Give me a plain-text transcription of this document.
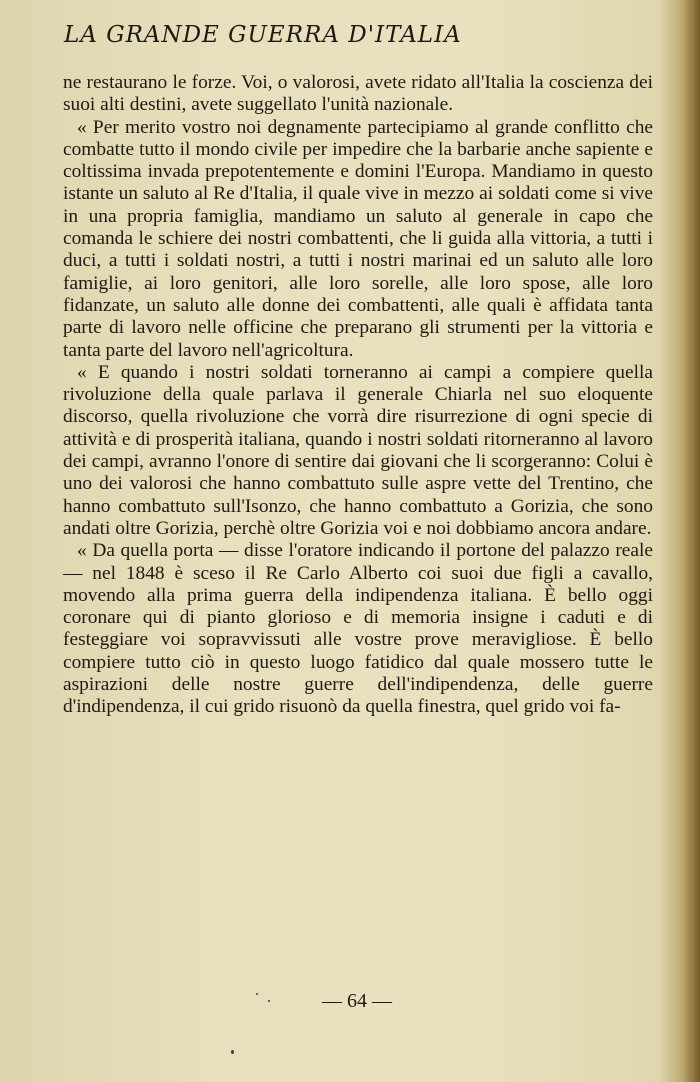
LA GRANDE GUERRA D'ITALIA

ne restaurano le forze. Voi, o valorosi, avete ridato all'Italia la coscienza dei suoi alti destini, avete suggellato l'unità nazionale.

« Per merito vostro noi degnamente partecipiamo al grande conflitto che combatte tutto il mondo civile per impedire che la barbarie anche sapiente e coltissima invada prepotentemente e domini l'Europa. Mandiamo in questo istante un saluto al Re d'Italia, il quale vive in mezzo ai soldati come si vive in una propria famiglia, mandiamo un saluto al generale in capo che comanda le schiere dei nostri combattenti, che li guida alla vittoria, a tutti i duci, a tutti i soldati nostri, a tutti i nostri marinai ed un saluto alle loro famiglie, ai loro genitori, alle loro sorelle, alle loro spose, alle loro fidanzate, un saluto alle donne dei combattenti, alle quali è affidata tanta parte di lavoro nelle officine che preparano gli strumenti per la vittoria e tanta parte del lavoro nell'agricoltura.

« E quando i nostri soldati torneranno ai campi a compiere quella rivoluzione della quale parlava il generale Chiarla nel suo eloquente discorso, quella rivoluzione che vorrà dire risurrezione di ogni specie di attività e di prosperità italiana, quando i nostri soldati ritorneranno al lavoro dei campi, avranno l'onore di sentire dai giovani che li scorgeranno: Colui è uno dei valorosi che hanno combattuto sulle aspre vette del Trentino, che hanno combattuto sull'Isonzo, che hanno combattuto a Gorizia, che sono andati oltre Gorizia, perchè oltre Gorizia voi e noi dobbiamo ancora andare.

« Da quella porta — disse l'oratore indicando il portone del palazzo reale — nel 1848 è sceso il Re Carlo Alberto coi suoi due figli a cavallo, movendo alla prima guerra della indipendenza italiana. È bello oggi coronare qui di pianto glorioso e di memoria insigne i caduti e di festeggiare voi sopravvissuti alle vostre prove meravigliose. È bello compiere tutto ciò in questo luogo fatidico dal quale mossero tutte le aspirazioni delle nostre guerre dell'indipendenza, delle guerre d'indipendenza, il cui grido risuonò da quella finestra, quel grido voi fa-

— 64 —
